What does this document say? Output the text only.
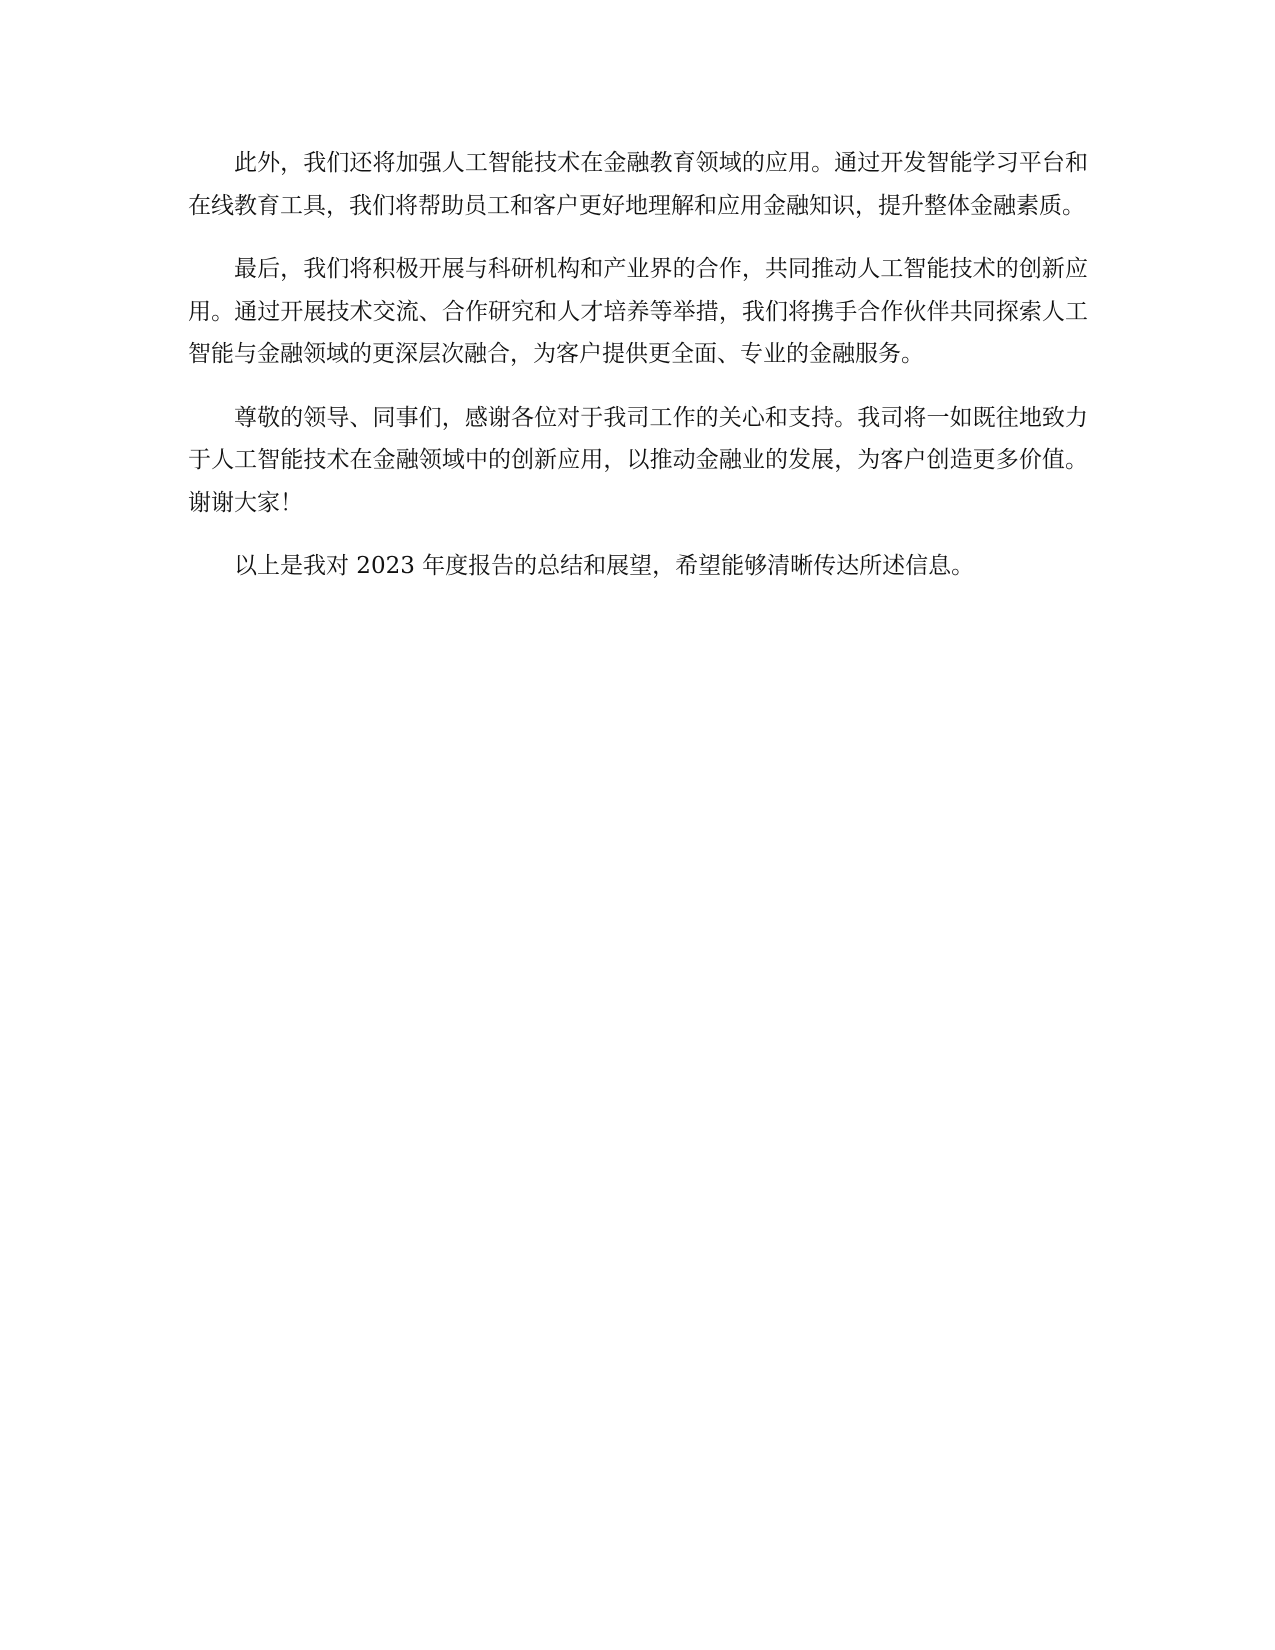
此外，我们还将加强人工智能技术在金融教育领域的应用。通过开发智能学习平台和在线教育工具，我们将帮助员工和客户更好地理解和应用金融知识，提升整体金融素质。

最后，我们将积极开展与科研机构和产业界的合作，共同推动人工智能技术的创新应用。通过开展技术交流、合作研究和人才培养等举措，我们将携手合作伙伴共同探索人工智能与金融领域的更深层次融合，为客户提供更全面、专业的金融服务。

尊敬的领导、同事们，感谢各位对于我司工作的关心和支持。我司将一如既往地致力于人工智能技术在金融领域中的创新应用，以推动金融业的发展，为客户创造更多价值。谢谢大家！

以上是我对 2023 年度报告的总结和展望，希望能够清晰传达所述信息。
